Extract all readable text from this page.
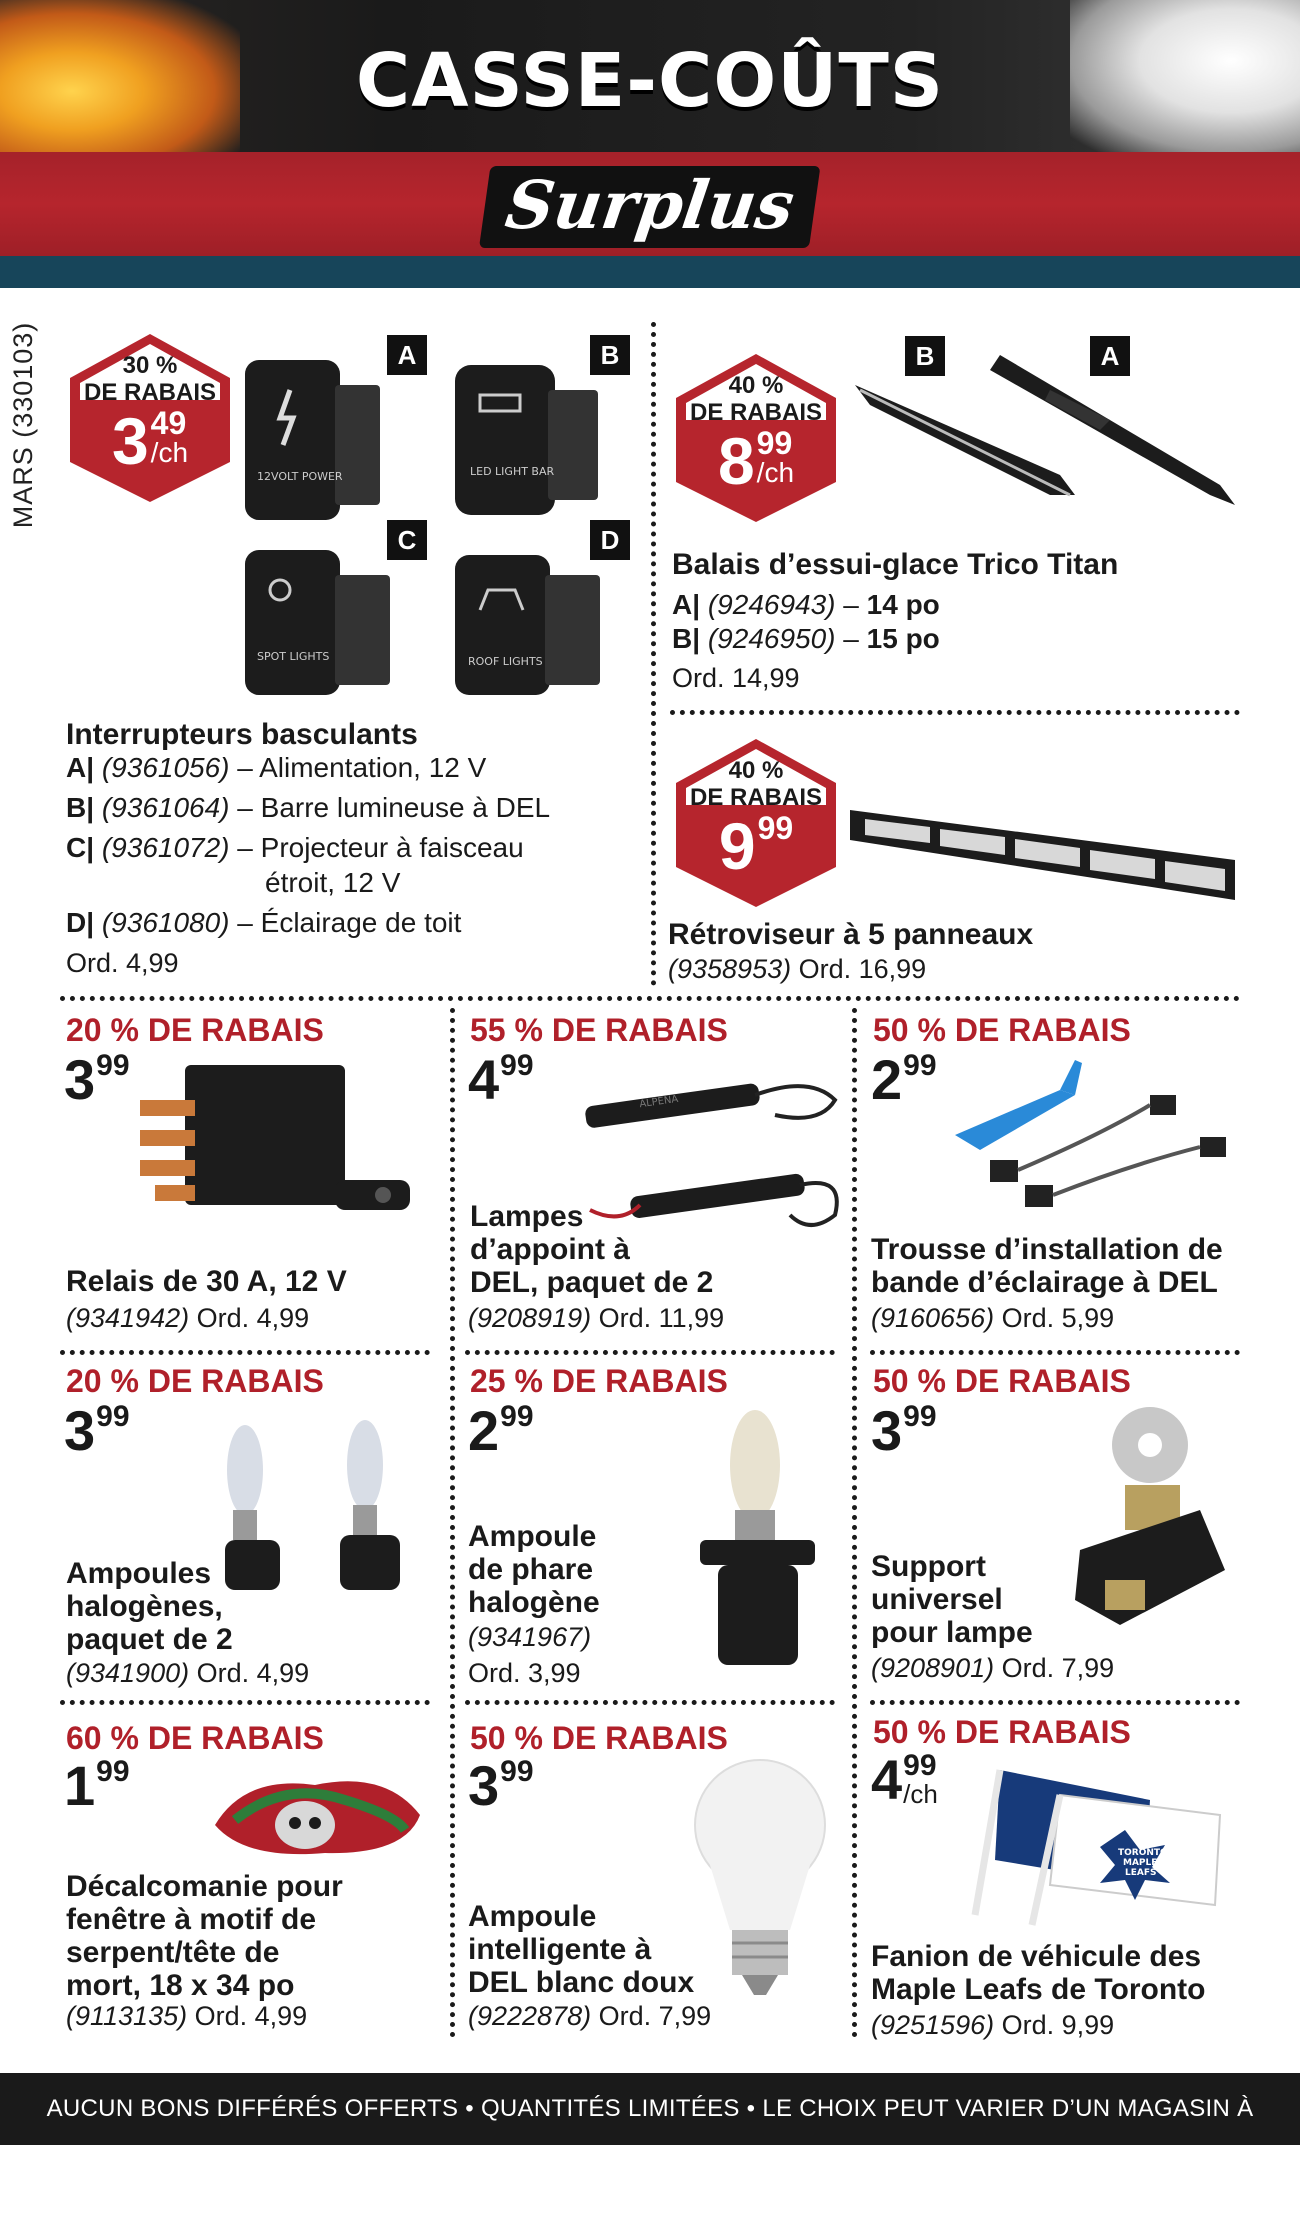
CASSE-COÛTS
Surplus
MARS (330103)	30 %
DE RABAIS
349
/ch
A	B
C	D
12VOLT POWER	LED LIGHT BAR
SPOT LIGHTS	ROOF LIGHTS
Interrupteurs basculants
A| (9361056) – Alimentation, 12 V
B| (9361064) – Barre lumineuse à DEL
C| (9361072) – Projecteur à faisceau
étroit, 12 V
D| (9361080) – Éclairage de toit
Ord. 4,99
40 %
DE RABAIS
899
/ch
B	A
Balais d’essui-glace Trico Titan
A| (9246943) – 14 po
B| (9246950) – 15 po
Ord. 14,99
40 %
DE RABAIS
999
Rétroviseur à 5 panneaux
(9358953) Ord. 16,99
20 % DE RABAIS
399
Relais de 30 A, 12 V
(9341942) Ord. 4,99
55 % DE RABAIS
499
ALPENA
Lampes
d’appoint à
DEL, paquet de 2
(9208919) Ord. 11,99
50 % DE RABAIS
299
Trousse d’installation de
bande d’éclairage à DEL
(9160656) Ord. 5,99
20 % DE RABAIS
399
Ampoules
halogènes,
paquet de 2
(9341900) Ord. 4,99
25 % DE RABAIS
299
Ampoule
de phare
halogène
(9341967)
Ord. 3,99
50 % DE RABAIS
399
Support
universel
pour lampe
(9208901) Ord. 7,99
60 % DE RABAIS
199
Décalcomanie pour
fenêtre à motif de
serpent/tête de
mort, 18 x 34 po
(9113135) Ord. 4,99
50 % DE RABAIS
399
Ampoule
intelligente à
DEL blanc doux
(9222878) Ord. 7,99
50 % DE RABAIS
499
/ch
TORONTO
MAPLE
LEAFS
Fanion de véhicule des
Maple Leafs de Toronto
(9251596) Ord. 9,99
AUCUN BONS DIFFÉRÉS OFFERTS • QUANTITÉS LIMITÉES • LE CHOIX PEUT VARIER D’UN MAGASIN À L’AUTRE
